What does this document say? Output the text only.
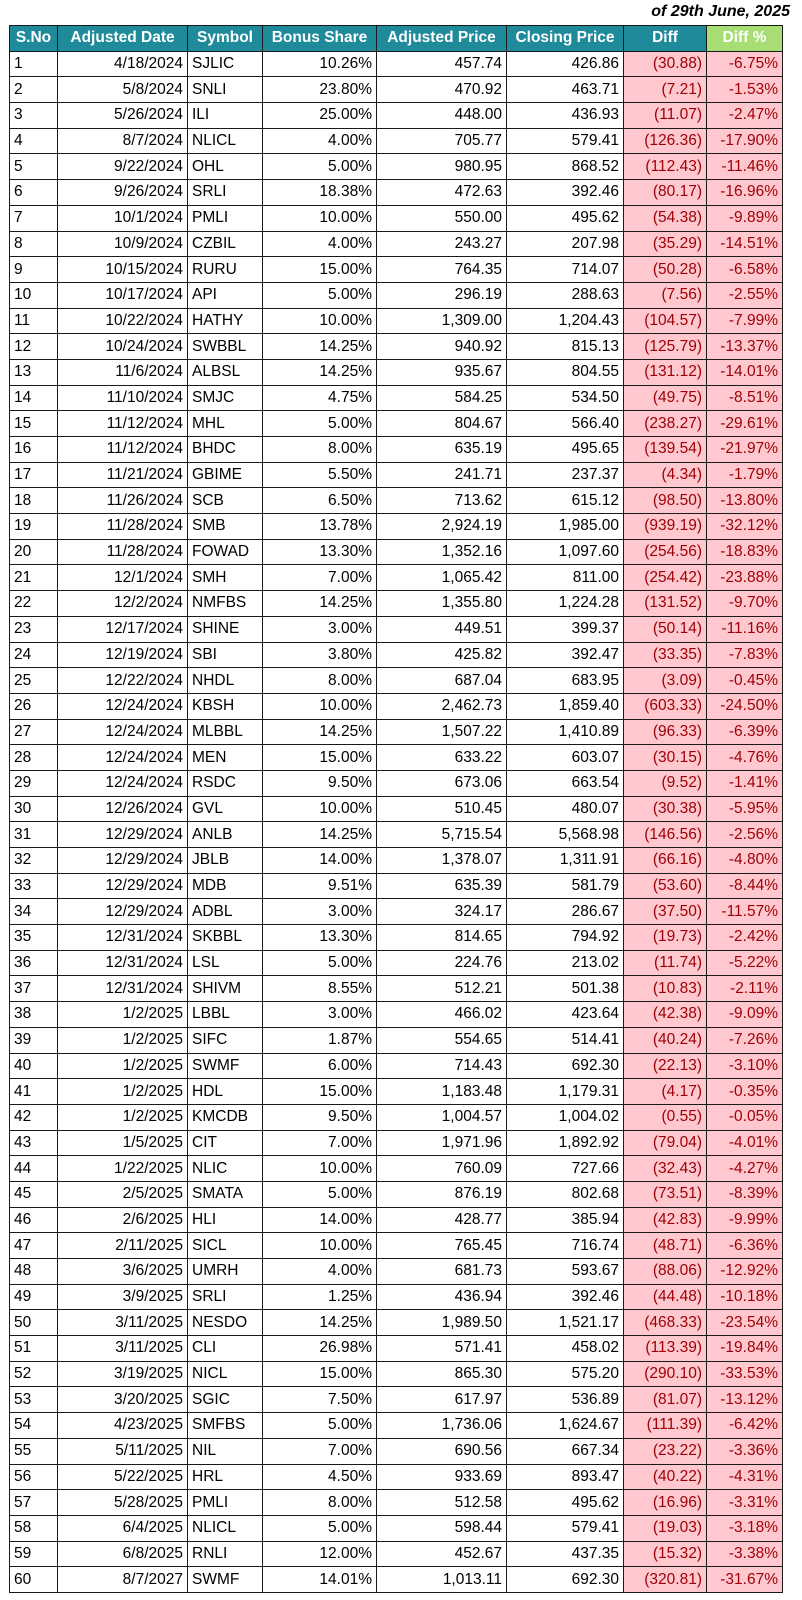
of 29th June, 2025
S.No	Adjusted Date	Symbol	Bonus Share	Adjusted Price	Closing Price	Diff	Diff %
1	4/18/2024	SJLIC	10.26%	457.74	426.86	(30.88)	-6.75%
2	5/8/2024	SNLI	23.80%	470.92	463.71	(7.21)	-1.53%
3	5/26/2024	ILI	25.00%	448.00	436.93	(11.07)	-2.47%
4	8/7/2024	NLICL	4.00%	705.77	579.41	(126.36)	-17.90%
5	9/22/2024	OHL	5.00%	980.95	868.52	(112.43)	-11.46%
6	9/26/2024	SRLI	18.38%	472.63	392.46	(80.17)	-16.96%
7	10/1/2024	PMLI	10.00%	550.00	495.62	(54.38)	-9.89%
8	10/9/2024	CZBIL	4.00%	243.27	207.98	(35.29)	-14.51%
9	10/15/2024	RURU	15.00%	764.35	714.07	(50.28)	-6.58%
10	10/17/2024	API	5.00%	296.19	288.63	(7.56)	-2.55%
11	10/22/2024	HATHY	10.00%	1,309.00	1,204.43	(104.57)	-7.99%
12	10/24/2024	SWBBL	14.25%	940.92	815.13	(125.79)	-13.37%
13	11/6/2024	ALBSL	14.25%	935.67	804.55	(131.12)	-14.01%
14	11/10/2024	SMJC	4.75%	584.25	534.50	(49.75)	-8.51%
15	11/12/2024	MHL	5.00%	804.67	566.40	(238.27)	-29.61%
16	11/12/2024	BHDC	8.00%	635.19	495.65	(139.54)	-21.97%
17	11/21/2024	GBIME	5.50%	241.71	237.37	(4.34)	-1.79%
18	11/26/2024	SCB	6.50%	713.62	615.12	(98.50)	-13.80%
19	11/28/2024	SMB	13.78%	2,924.19	1,985.00	(939.19)	-32.12%
20	11/28/2024	FOWAD	13.30%	1,352.16	1,097.60	(254.56)	-18.83%
21	12/1/2024	SMH	7.00%	1,065.42	811.00	(254.42)	-23.88%
22	12/2/2024	NMFBS	14.25%	1,355.80	1,224.28	(131.52)	-9.70%
23	12/17/2024	SHINE	3.00%	449.51	399.37	(50.14)	-11.16%
24	12/19/2024	SBI	3.80%	425.82	392.47	(33.35)	-7.83%
25	12/22/2024	NHDL	8.00%	687.04	683.95	(3.09)	-0.45%
26	12/24/2024	KBSH	10.00%	2,462.73	1,859.40	(603.33)	-24.50%
27	12/24/2024	MLBBL	14.25%	1,507.22	1,410.89	(96.33)	-6.39%
28	12/24/2024	MEN	15.00%	633.22	603.07	(30.15)	-4.76%
29	12/24/2024	RSDC	9.50%	673.06	663.54	(9.52)	-1.41%
30	12/26/2024	GVL	10.00%	510.45	480.07	(30.38)	-5.95%
31	12/29/2024	ANLB	14.25%	5,715.54	5,568.98	(146.56)	-2.56%
32	12/29/2024	JBLB	14.00%	1,378.07	1,311.91	(66.16)	-4.80%
33	12/29/2024	MDB	9.51%	635.39	581.79	(53.60)	-8.44%
34	12/29/2024	ADBL	3.00%	324.17	286.67	(37.50)	-11.57%
35	12/31/2024	SKBBL	13.30%	814.65	794.92	(19.73)	-2.42%
36	12/31/2024	LSL	5.00%	224.76	213.02	(11.74)	-5.22%
37	12/31/2024	SHIVM	8.55%	512.21	501.38	(10.83)	-2.11%
38	1/2/2025	LBBL	3.00%	466.02	423.64	(42.38)	-9.09%
39	1/2/2025	SIFC	1.87%	554.65	514.41	(40.24)	-7.26%
40	1/2/2025	SWMF	6.00%	714.43	692.30	(22.13)	-3.10%
41	1/2/2025	HDL	15.00%	1,183.48	1,179.31	(4.17)	-0.35%
42	1/2/2025	KMCDB	9.50%	1,004.57	1,004.02	(0.55)	-0.05%
43	1/5/2025	CIT	7.00%	1,971.96	1,892.92	(79.04)	-4.01%
44	1/22/2025	NLIC	10.00%	760.09	727.66	(32.43)	-4.27%
45	2/5/2025	SMATA	5.00%	876.19	802.68	(73.51)	-8.39%
46	2/6/2025	HLI	14.00%	428.77	385.94	(42.83)	-9.99%
47	2/11/2025	SICL	10.00%	765.45	716.74	(48.71)	-6.36%
48	3/6/2025	UMRH	4.00%	681.73	593.67	(88.06)	-12.92%
49	3/9/2025	SRLI	1.25%	436.94	392.46	(44.48)	-10.18%
50	3/11/2025	NESDO	14.25%	1,989.50	1,521.17	(468.33)	-23.54%
51	3/11/2025	CLI	26.98%	571.41	458.02	(113.39)	-19.84%
52	3/19/2025	NICL	15.00%	865.30	575.20	(290.10)	-33.53%
53	3/20/2025	SGIC	7.50%	617.97	536.89	(81.07)	-13.12%
54	4/23/2025	SMFBS	5.00%	1,736.06	1,624.67	(111.39)	-6.42%
55	5/11/2025	NIL	7.00%	690.56	667.34	(23.22)	-3.36%
56	5/22/2025	HRL	4.50%	933.69	893.47	(40.22)	-4.31%
57	5/28/2025	PMLI	8.00%	512.58	495.62	(16.96)	-3.31%
58	6/4/2025	NLICL	5.00%	598.44	579.41	(19.03)	-3.18%
59	6/8/2025	RNLI	12.00%	452.67	437.35	(15.32)	-3.38%
60	8/7/2027	SWMF	14.01%	1,013.11	692.30	(320.81)	-31.67%
